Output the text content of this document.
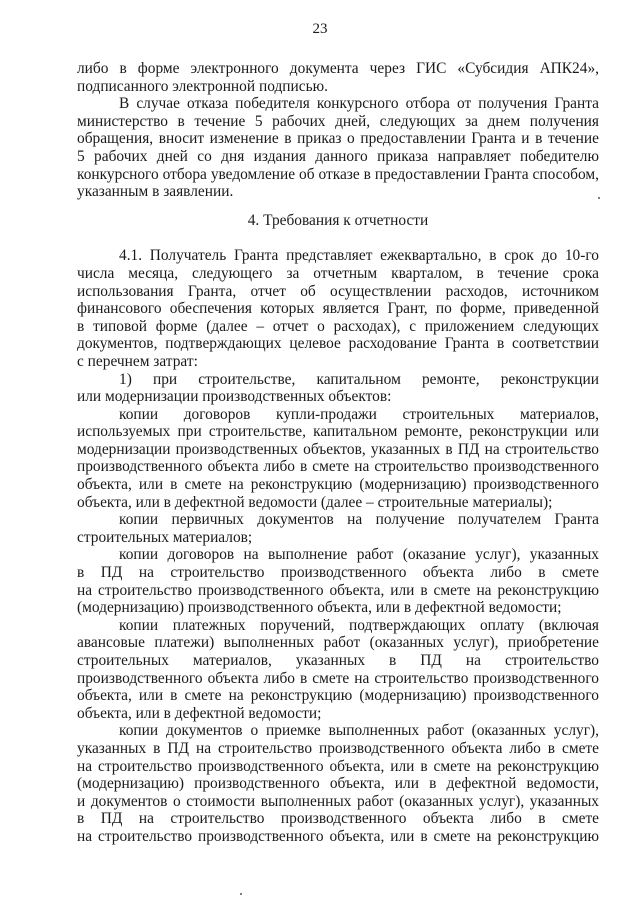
23
либо в форме электронного документа через ГИС «Субсидия АПК24»,
подписанного электронной подписью.
В случае отказа победителя конкурсного отбора от получения Гранта
министерство в течение 5 рабочих дней, следующих за днем получения
обращения, вносит изменение в приказ о предоставлении Гранта и в течение
5 рабочих дней со дня издания данного приказа направляет победителю
конкурсного отбора уведомление об отказе в предоставлении Гранта способом,
указанным в заявлении.
4. Требования к отчетности
4.1. Получатель Гранта представляет ежеквартально, в срок до 10-го
числа месяца, следующего за отчетным кварталом, в течение срока
использования Гранта, отчет об осуществлении расходов, источником
финансового обеспечения которых является Грант, по форме, приведенной
в типовой форме (далее – отчет о расходах), с приложением следующих
документов, подтверждающих целевое расходование Гранта в соответствии
с перечнем затрат:
1) при строительстве, капитальном ремонте, реконструкции
или модернизации производственных объектов:
копии договоров купли-продажи строительных материалов,
используемых при строительстве, капитальном ремонте, реконструкции или
модернизации производственных объектов, указанных в ПД на строительство
производственного объекта либо в смете на строительство производственного
объекта, или в смете на реконструкцию (модернизацию) производственного
объекта, или в дефектной ведомости (далее – строительные материалы);
копии первичных документов на получение получателем Гранта
строительных материалов;
копии договоров на выполнение работ (оказание услуг), указанных
в ПД на строительство производственного объекта либо в смете
на строительство производственного объекта, или в смете на реконструкцию
(модернизацию) производственного объекта, или в дефектной ведомости;
копии платежных поручений, подтверждающих оплату (включая
авансовые платежи) выполненных работ (оказанных услуг), приобретение
строительных материалов, указанных в ПД на строительство
производственного объекта либо в смете на строительство производственного
объекта, или в смете на реконструкцию (модернизацию) производственного
объекта, или в дефектной ведомости;
копии документов о приемке выполненных работ (оказанных услуг),
указанных в ПД на строительство производственного объекта либо в смете
на строительство производственного объекта, или в смете на реконструкцию
(модернизацию) производственного объекта, или в дефектной ведомости,
и документов о стоимости выполненных работ (оказанных услуг), указанных
в ПД на строительство производственного объекта либо в смете
на строительство производственного объекта, или в смете на реконструкцию
